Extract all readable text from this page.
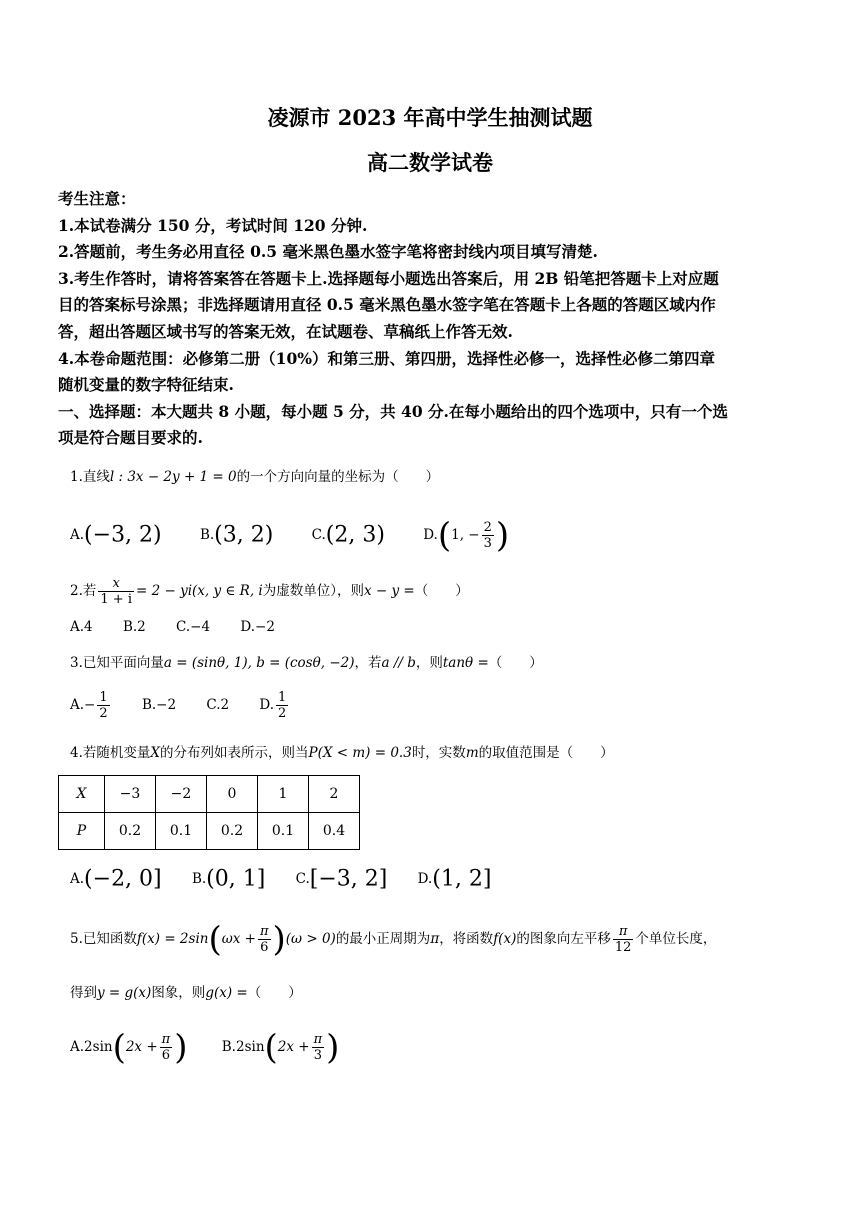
凌源市 2023 年高中学生抽测试题
高二数学试卷

考生注意：

1.本试卷满分 150 分，考试时间 120 分钟.

2.答题前，考生务必用直径 0.5 毫米黑色墨水签字笔将密封线内项目填写清楚.

3.考生作答时，请将答案答在答题卡上.选择题每小题选出答案后，用 2B 铅笔把答题卡上对应题

目的答案标号涂黑；非选择题请用直径 0.5 毫米黑色墨水签字笔在答题卡上各题的答题区域内作

答，超出答题区域书写的答案无效，在试题卷、草稿纸上作答无效.

4.本卷命题范围：必修第二册（10%）和第三册、第四册，选择性必修一，选择性必修二第四章

随机变量的数字特征结束.

一、选择题：本大题共 8 小题，每小题 5 分，共 40 分.在每小题给出的四个选项中，只有一个选

项是符合题目要求的.

1.直线l : 3x − 2y + 1 = 0的一个方向向量的坐标为（　　）
A.(−3, 2)	B.(3, 2)	C.(2, 3)	D.(1, − $\frac{2}{3}$ )
2.若 $\frac{x}{1 + i} = 2 - yi(x$, y ∈ R, i为虚数单位），则x − y =（　　）
A.4 B.2 C.−4 D.−2
3.已知平面向量a = (sinθ, 1), b = (cosθ, −2)，若a // b，则tanθ =（　　）
$A.- \frac{1}{2} B.-2$ C.2 D. $\frac{1}{2}$
4.若随机变量X的分布列如表所示，则当P(X < m) = 0.3时，实数m的取值范围是（　　）
X	−3	−2	0	1	2
P	0.2	0.1	0.2	0.1	0.4
A.(−2, 0] B.(0, 1] C.[−3, 2] D.(1, 2]
5.已知函数$f(x) = 2\sin(\omega x + \frac{\pi}{6} )(\omega > 0)$的最小正周期为π，将函数f(x)的图象向左平移 $\frac{\pi}{12}$ 个单位长度，
得到y = g(x)图象，则g(x) =（　　）
$A.2\sin(2x + \frac{\pi}{6}$ )	$B.2\sin(2x + \frac{\pi}{3}$ )
